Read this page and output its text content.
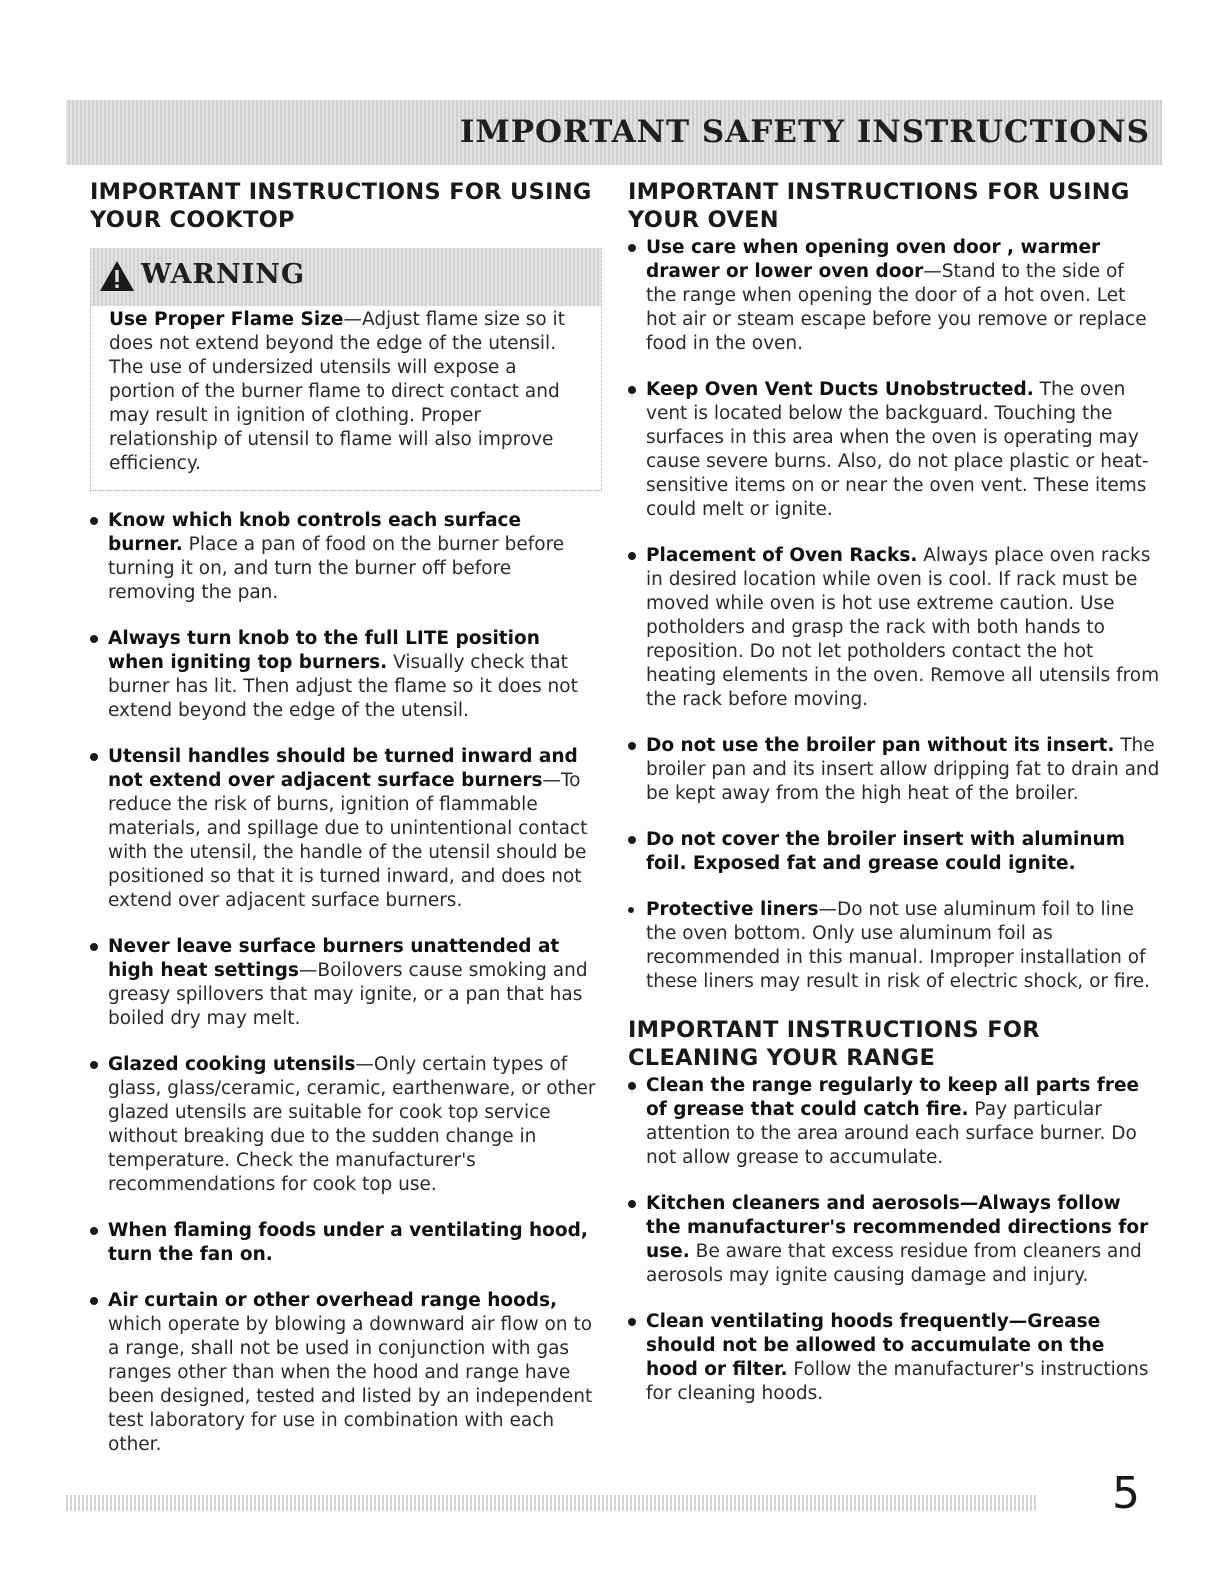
IMPORTANT SAFETY INSTRUCTIONS
IMPORTANT INSTRUCTIONS FOR USING YOUR COOKTOP
WARNING

Use Proper Flame Size—Adjust flame size so it does not extend beyond the edge of the utensil. The use of undersized utensils will expose a portion of the burner flame to direct contact and may result in ignition of clothing. Proper relationship of utensil to flame will also improve efficiency.

Know which knob controls each surface burner. Place a pan of food on the burner before turning it on, and turn the burner off before removing the pan.
Always turn knob to the full LITE position when igniting top burners. Visually check that burner has lit. Then adjust the flame so it does not extend beyond the edge of the utensil.
Utensil handles should be turned inward and not extend over adjacent surface burners—To reduce the risk of burns, ignition of flammable materials, and spillage due to unintentional contact with the utensil, the handle of the utensil should be positioned so that it is turned inward, and does not extend over adjacent surface burners.
Never leave surface burners unattended at high heat settings—Boilovers cause smoking and greasy spillovers that may ignite, or a pan that has boiled dry may melt.
Glazed cooking utensils—Only certain types of glass, glass/ceramic, ceramic, earthenware, or other glazed utensils are suitable for cook top service without breaking due to the sudden change in temperature. Check the manufacturer's recommendations for cook top use.
When flaming foods under a ventilating hood, turn the fan on.
Air curtain or other overhead range hoods, which operate by blowing a downward air flow on to a range, shall not be used in conjunction with gas ranges other than when the hood and range have been designed, tested and listed by an independent test laboratory for use in combination with each other.
IMPORTANT INSTRUCTIONS FOR USING YOUR OVEN
Use care when opening oven door , warmer drawer or lower oven door—Stand to the side of the range when opening the door of a hot oven. Let hot air or steam escape before you remove or replace food in the oven.
Keep Oven Vent Ducts Unobstructed. The oven vent is located below the backguard. Touching the surfaces in this area when the oven is operating may cause severe burns. Also, do not place plastic or heat-sensitive items on or near the oven vent. These items could melt or ignite.
Placement of Oven Racks. Always place oven racks in desired location while oven is cool. If rack must be moved while oven is hot use extreme caution. Use potholders and grasp the rack with both hands to reposition. Do not let potholders contact the hot heating elements in the oven. Remove all utensils from the rack before moving.
Do not use the broiler pan without its insert. The broiler pan and its insert allow dripping fat to drain and be kept away from the high heat of the broiler.
Do not cover the broiler insert with aluminum foil. Exposed fat and grease could ignite.
Protective liners—Do not use aluminum foil to line the oven bottom. Only use aluminum foil as recommended in this manual. Improper installation of these liners may result in risk of electric shock, or fire.
IMPORTANT INSTRUCTIONS FOR CLEANING YOUR RANGE
Clean the range regularly to keep all parts free of grease that could catch fire. Pay particular attention to the area around each surface burner. Do not allow grease to accumulate.
Kitchen cleaners and aerosols—Always follow the manufacturer's recommended directions for use. Be aware that excess residue from cleaners and aerosols may ignite causing damage and injury.
Clean ventilating hoods frequently—Grease should not be allowed to accumulate on the hood or filter. Follow the manufacturer's instructions for cleaning hoods.
5
